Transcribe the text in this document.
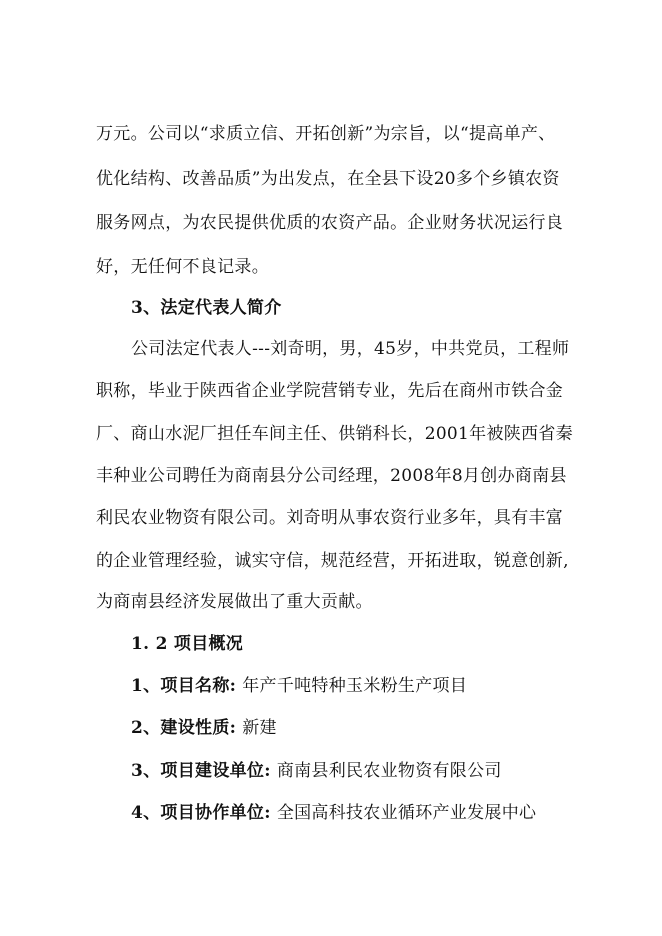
万元。公司以“求质立信、开拓创新”为宗旨，以“提高单产、
优化结构、改善品质”为出发点，在全县下设20多个乡镇农资
服务网点，为农民提供优质的农资产品。企业财务状况运行良
好，无任何不良记录。
3、法定代表人简介
公司法定代表人---刘奇明，男，45岁，中共党员，工程师
职称，毕业于陕西省企业学院营销专业，先后在商州市铁合金
厂、商山水泥厂担任车间主任、供销科长，2001年被陕西省秦
丰种业公司聘任为商南县分公司经理，2008年8月创办商南县
利民农业物资有限公司。刘奇明从事农资行业多年，具有丰富
的企业管理经验，诚实守信，规范经营，开拓进取，锐意创新,
为商南县经济发展做出了重大贡献。
1. 2 项目概况
1、项目名称: 年产千吨特种玉米粉生产项目
2、建设性质: 新建
3、项目建设单位: 商南县利民农业物资有限公司
4、项目协作单位: 全国高科技农业循环产业发展中心
